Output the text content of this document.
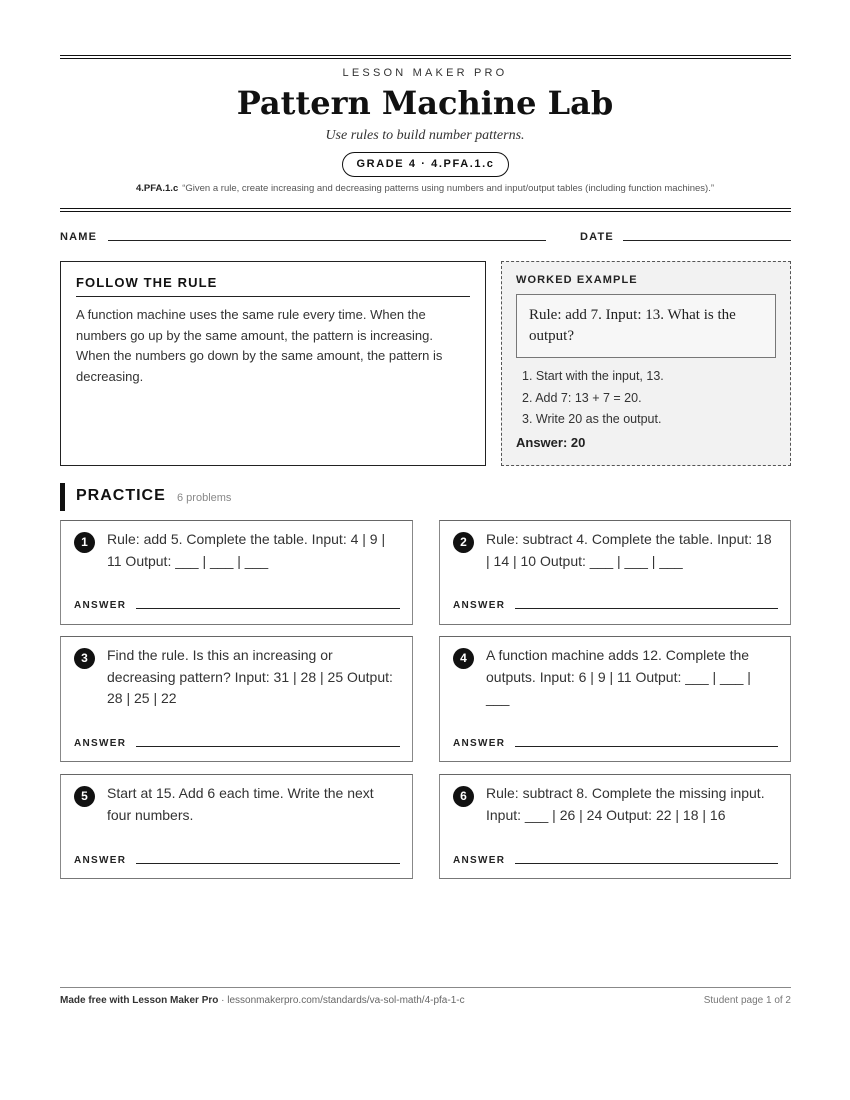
LESSON MAKER PRO
Pattern Machine Lab
Use rules to build number patterns.
GRADE 4 · 4.PFA.1.c
4.PFA.1.c “Given a rule, create increasing and decreasing patterns using numbers and input/output tables (including function machines).”
NAME	DATE
FOLLOW THE RULE
A function machine uses the same rule every time. When the numbers go up by the same amount, the pattern is increasing. When the numbers go down by the same amount, the pattern is decreasing.
WORKED EXAMPLE
Rule: add 7. Input: 13. What is the output?
1. Start with the input, 13.
2. Add 7: 13 + 7 = 20.
3. Write 20 as the output.
Answer: 20
PRACTICE 6 problems
1	Rule: add 5. Complete the table. Input: 4 | 9 | 11 Output: ___ | ___ | ___
ANSWER
2	Rule: subtract 4. Complete the table. Input: 18 | 14 | 10 Output: ___ | ___ | ___
ANSWER
3	Find the rule. Is this an increasing or decreasing pattern? Input: 31 | 28 | 25 Output: 28 | 25 | 22
ANSWER
4	A function machine adds 12. Complete the outputs. Input: 6 | 9 | 11 Output: ___ | ___ | ___
ANSWER
5	Start at 15. Add 6 each time. Write the next four numbers.
ANSWER
6	Rule: subtract 8. Complete the missing input. Input: ___ | 26 | 24 Output: 22 | 18 | 16
ANSWER
Made free with Lesson Maker Pro · lessonmakerpro.com/standards/va-sol-math/4-pfa-1-c	Student page 1 of 2
